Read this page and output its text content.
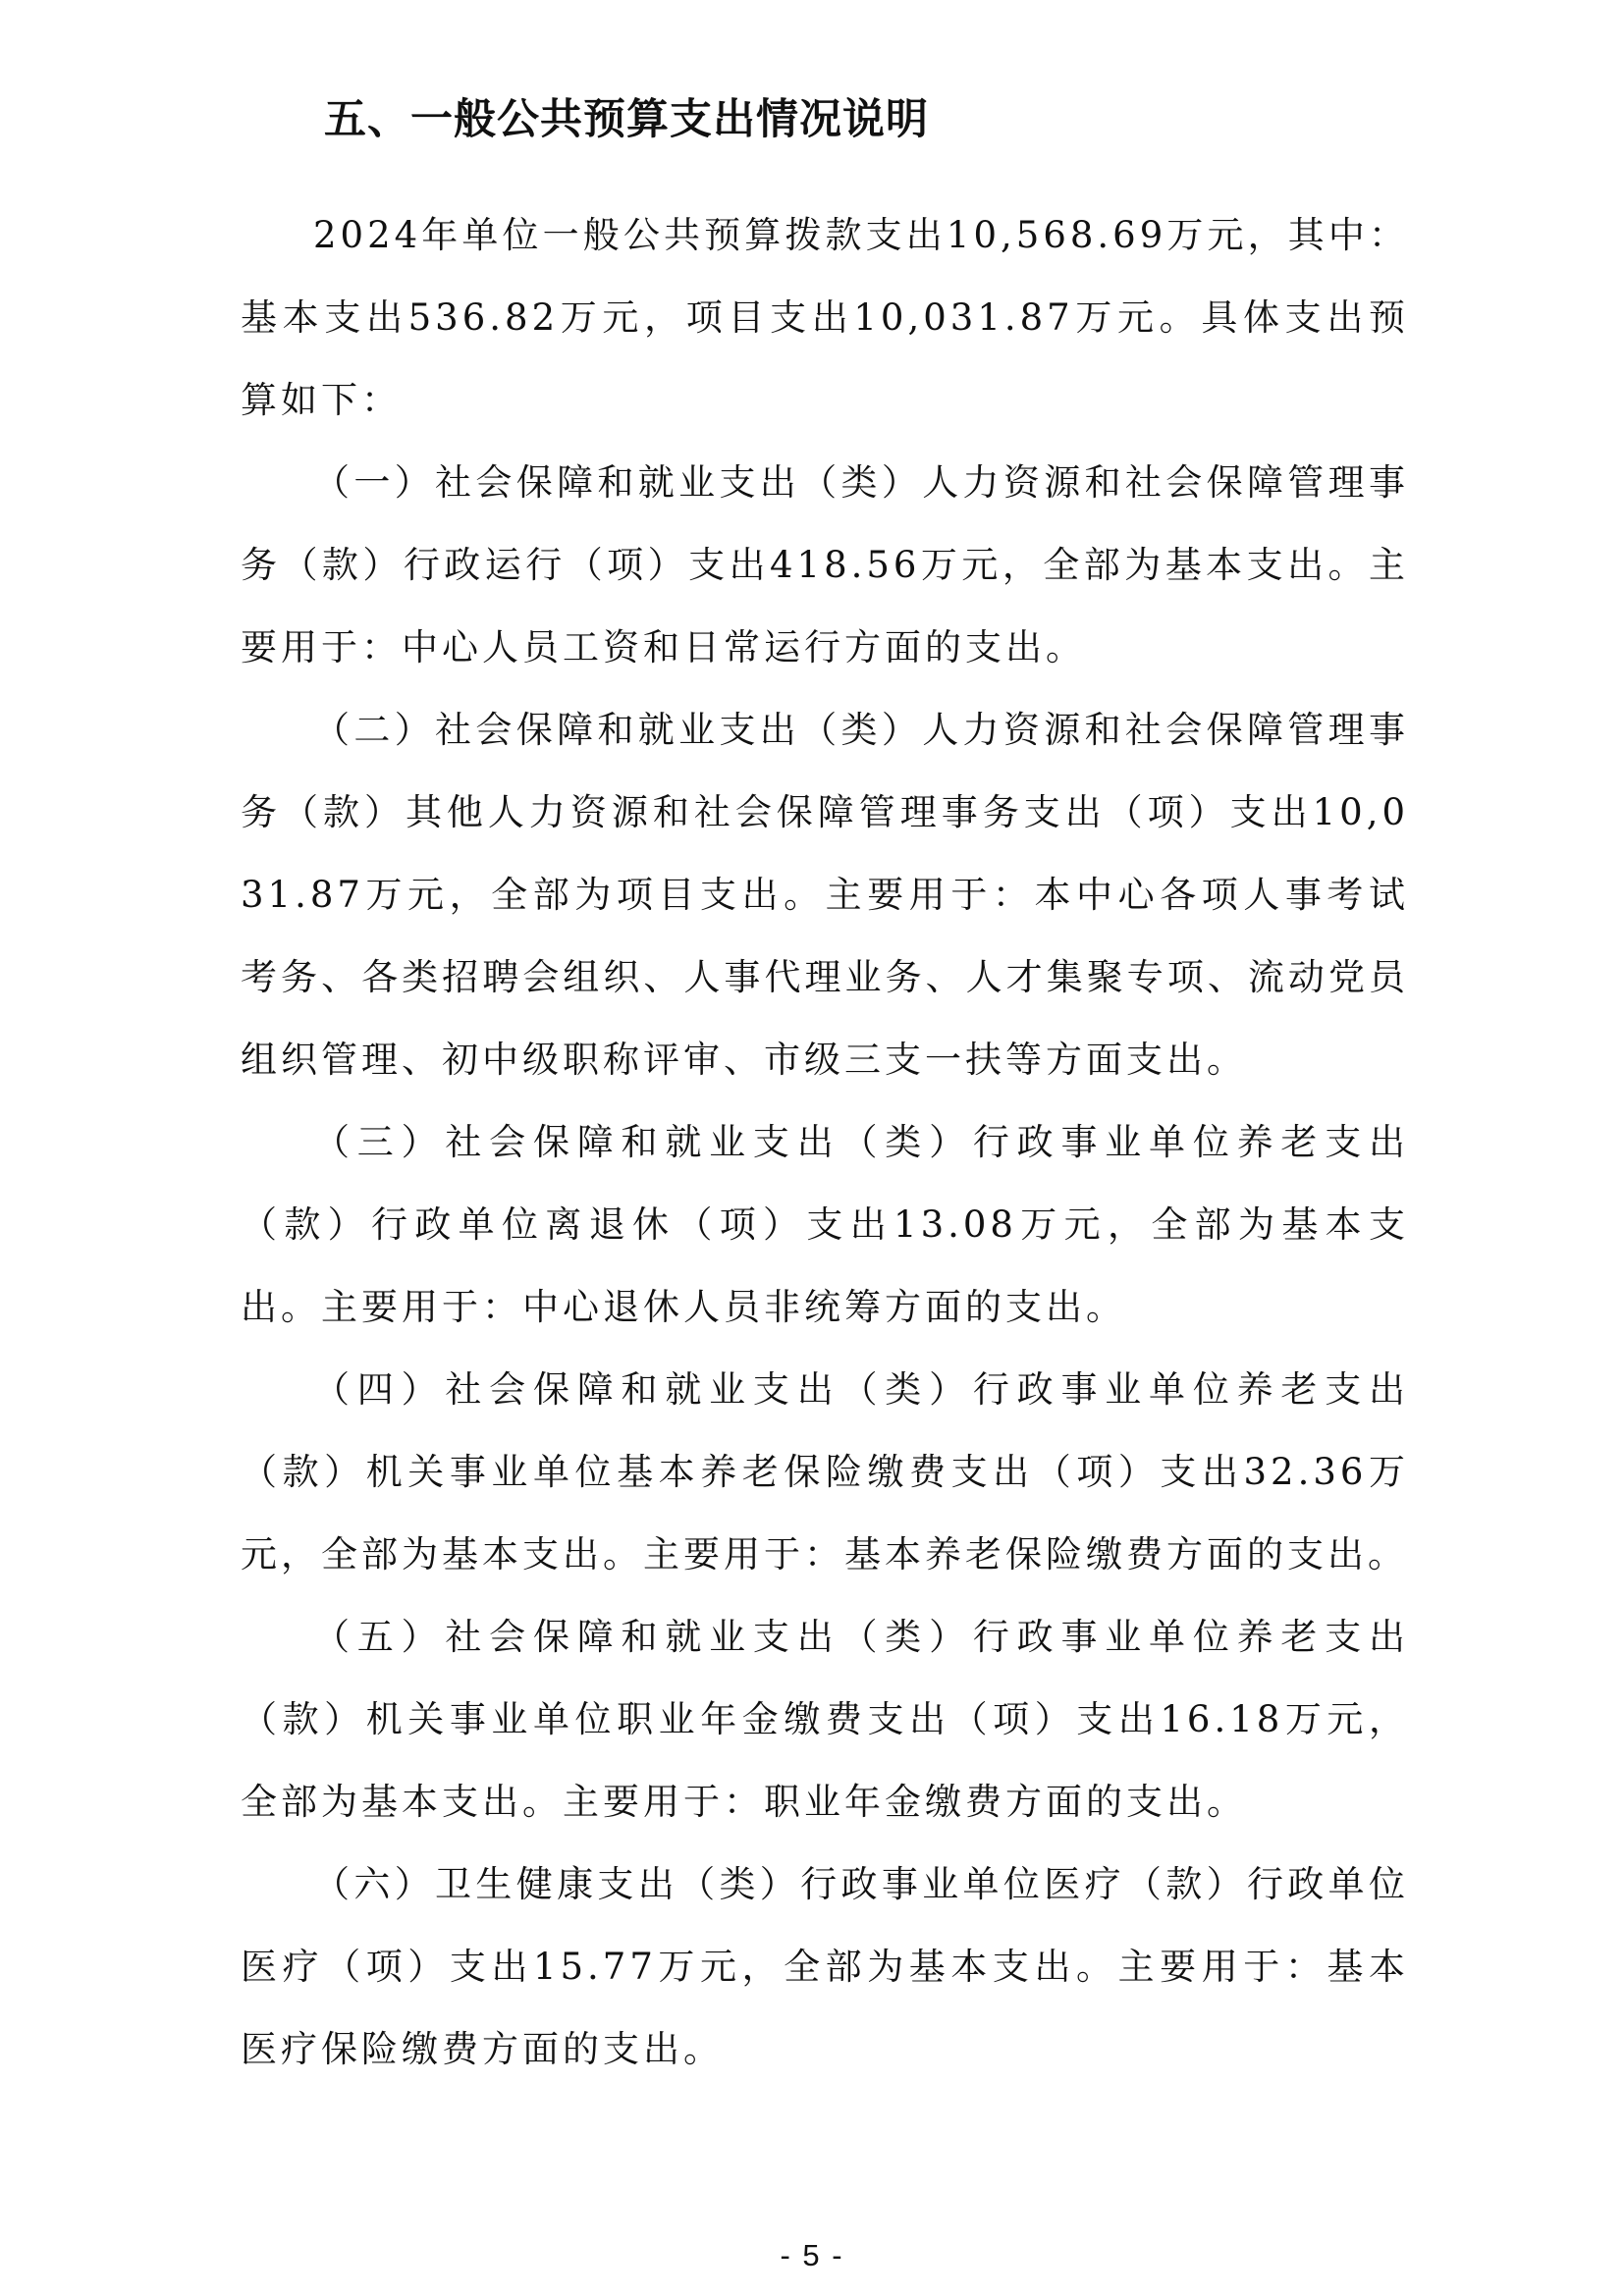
五、一般公共预算支出情况说明

2024年单位一般公共预算拨款支出10,568.69万元，其中：基本支出536.82万元，项目支出10,031.87万元。具体支出预算如下：

（一）社会保障和就业支出（类）人力资源和社会保障管理事务（款）行政运行（项）支出418.56万元，全部为基本支出。主要用于：中心人员工资和日常运行方面的支出。

（二）社会保障和就业支出（类）人力资源和社会保障管理事务（款）其他人力资源和社会保障管理事务支出（项）支出10,031.87万元，全部为项目支出。主要用于：本中心各项人事考试考务、各类招聘会组织、人事代理业务、人才集聚专项、流动党员组织管理、初中级职称评审、市级三支一扶等方面支出。

（三）社会保障和就业支出（类）行政事业单位养老支出（款）行政单位离退休（项）支出13.08万元，全部为基本支出。主要用于：中心退休人员非统筹方面的支出。

（四）社会保障和就业支出（类）行政事业单位养老支出（款）机关事业单位基本养老保险缴费支出（项）支出32.36万元，全部为基本支出。主要用于：基本养老保险缴费方面的支出。

（五）社会保障和就业支出（类）行政事业单位养老支出（款）机关事业单位职业年金缴费支出（项）支出16.18万元，全部为基本支出。主要用于：职业年金缴费方面的支出。

（六）卫生健康支出（类）行政事业单位医疗（款）行政单位医疗（项）支出15.77万元，全部为基本支出。主要用于：基本医疗保险缴费方面的支出。

- 5 -
